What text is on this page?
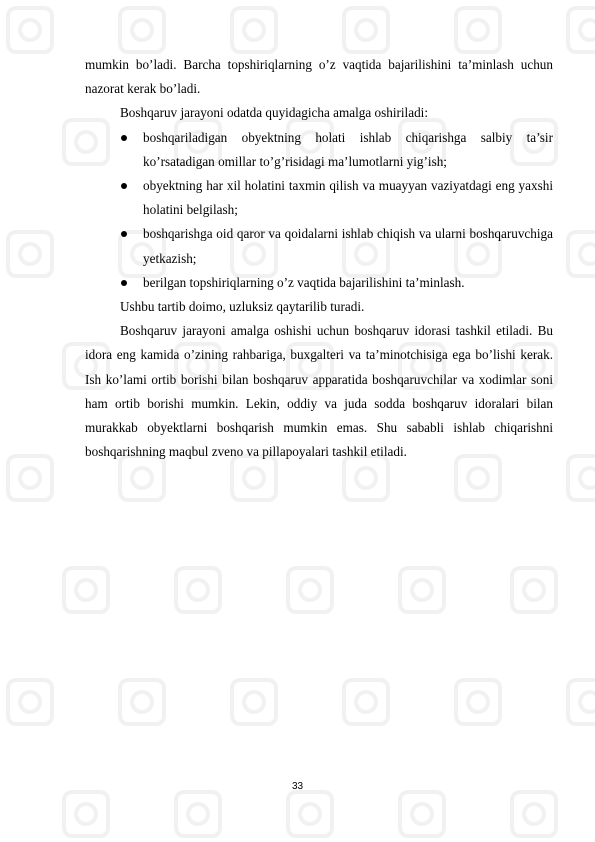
mumkin bo’ladi. Barcha topshiriqlarning o’z vaqtida bajarilishini ta’minlash uchun nazorat kerak bo’ladi.

Boshqaruv jarayoni odatda quyidagicha amalga oshiriladi:

boshqariladigan obyektning holati ishlab chiqarishga salbiy ta’sir ko’rsatadigan omillar to’g’risidagi ma’lumotlarni yig’ish;
obyektning har xil holatini taxmin qilish va muayyan vaziyatdagi eng yaxshi holatini belgilash;
boshqarishga oid qaror va qoidalarni ishlab chiqish va ularni boshqaruvchiga yetkazish;
berilgan topshiriqlarning o’z vaqtida bajarilishini ta’minlash.

Ushbu tartib doimo, uzluksiz qaytarilib turadi.

Boshqaruv jarayoni amalga oshishi uchun boshqaruv idorasi tashkil etiladi. Bu idora eng kamida o’zining rahbariga, buxgalteri va ta’minotchisiga ega bo’lishi kerak. Ish ko’lami ortib borishi bilan boshqaruv apparatida boshqaruvchilar va xodimlar soni ham ortib borishi mumkin. Lekin, oddiy va juda sodda boshqaruv idoralari bilan murakkab obyektlarni boshqarish mumkin emas. Shu sababli ishlab chiqarishni boshqarishning maqbul zveno va pillapoyalari tashkil etiladi.

33
